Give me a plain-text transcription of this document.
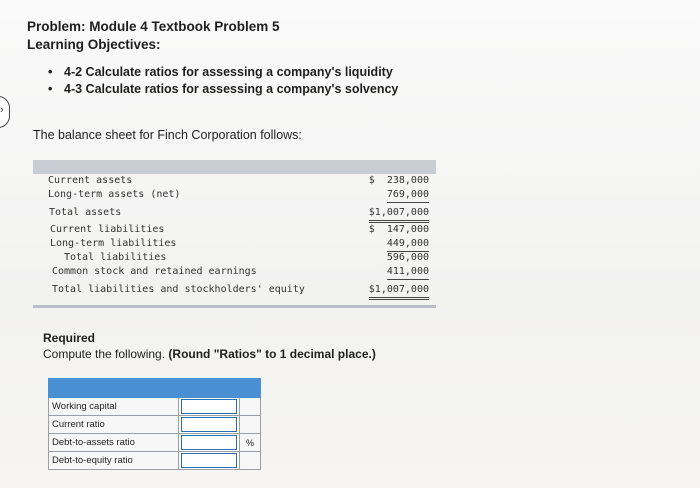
›
Problem: Module 4 Textbook Problem 5
Learning Objectives:
• 4-2 Calculate ratios for assessing a company's liquidity
• 4-3 Calculate ratios for assessing a company's solvency
The balance sheet for Finch Corporation follows:
Current assets	$  238,000
Long-term assets (net)	769,000
Total assets	$1,007,000
Current liabilities	$  147,000
Long-term liabilities	449,000
Total liabilities	596,000
Common stock and retained earnings	411,000
Total liabilities and stockholders' equity	$1,007,000
Required
Compute the following. (Round "Ratios" to 1 decimal place.)

Working capital		

Current ratio		

Debt-to-assets ratio		%

Debt-to-equity ratio		
